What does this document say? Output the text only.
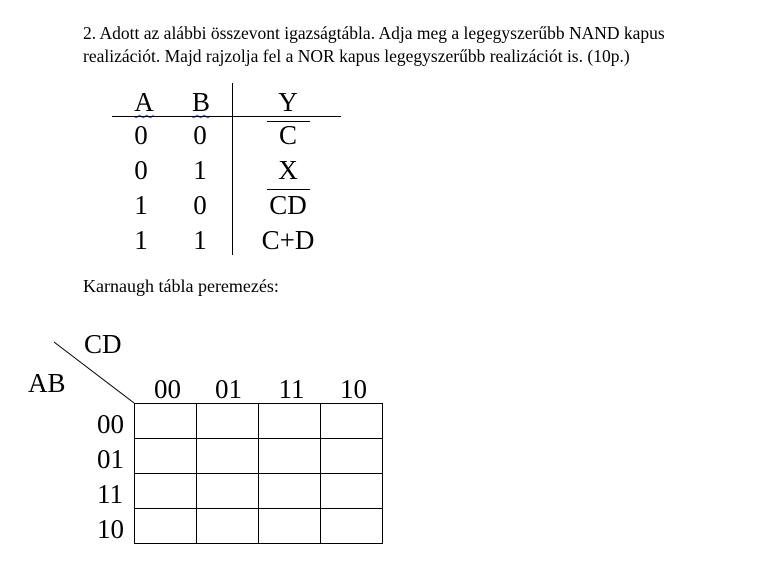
2. Adott az alábbi összevont igazságtábla. Adja meg a legegyszerűbb NAND kapus
realizációt. Majd rajzolja fel a NOR kapus legegyszerűbb realizációt is. (10p.)
A B	Y
0 0	C
0 1	X
1 0 CD
1 1 C+D
Karnaugh tábla peremezés:
CD
AB	00	01	11	10
00
01
11
10
